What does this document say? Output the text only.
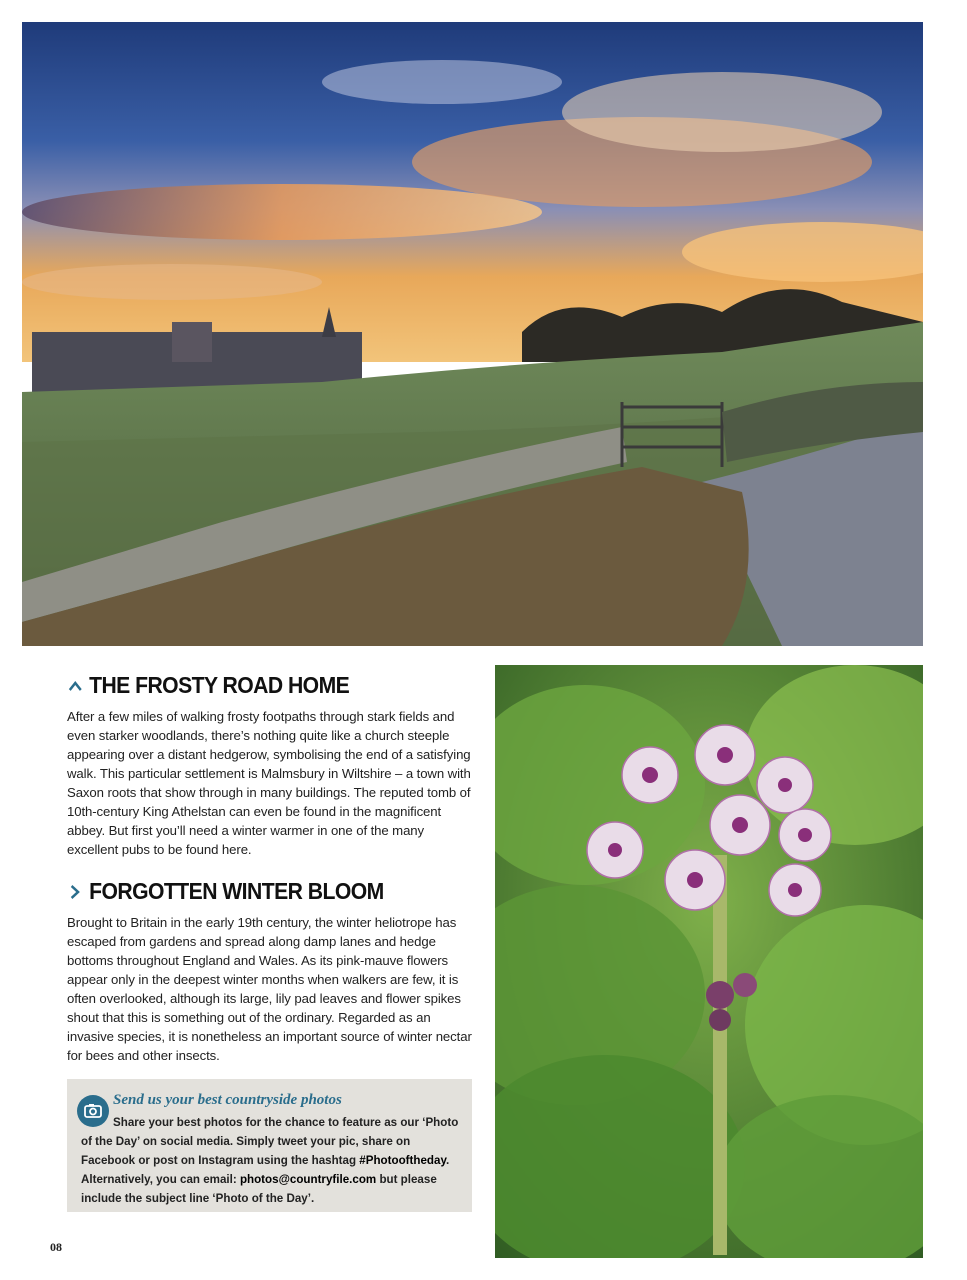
THE FROSTY ROAD HOME

After a few miles of walking frosty footpaths through stark fields and even starker woodlands, there’s nothing quite like a church steeple appearing over a distant hedgerow, symbolising the end of a satisfying walk. This particular settlement is Malmsbury in Wiltshire – a town with Saxon roots that show through in many buildings. The reputed tomb of 10th-century King Athelstan can even be found in the magnificent abbey. But first you’ll need a winter warmer in one of the many excellent pubs to be found here.

FORGOTTEN WINTER BLOOM

Brought to Britain in the early 19th century, the winter heliotrope has escaped from gardens and spread along damp lanes and hedge bottoms throughout England and Wales. As its pink-mauve flowers appear only in the deepest winter months when walkers are few, it is often overlooked, although its large, lily pad leaves and flower spikes shout that this is something out of the ordinary. Regarded as an invasive species, it is nonetheless an important source of winter nectar for bees and other insects.

Send us your best countryside photos
Share your best photos for the chance to feature as our ‘Photo of the Day’ on social media. Simply tweet your pic, share on Facebook or post on Instagram using the hashtag #Photooftheday. Alternatively, you can email: photos@countryfile.com but please include the subject line ‘Photo of the Day’.
08
